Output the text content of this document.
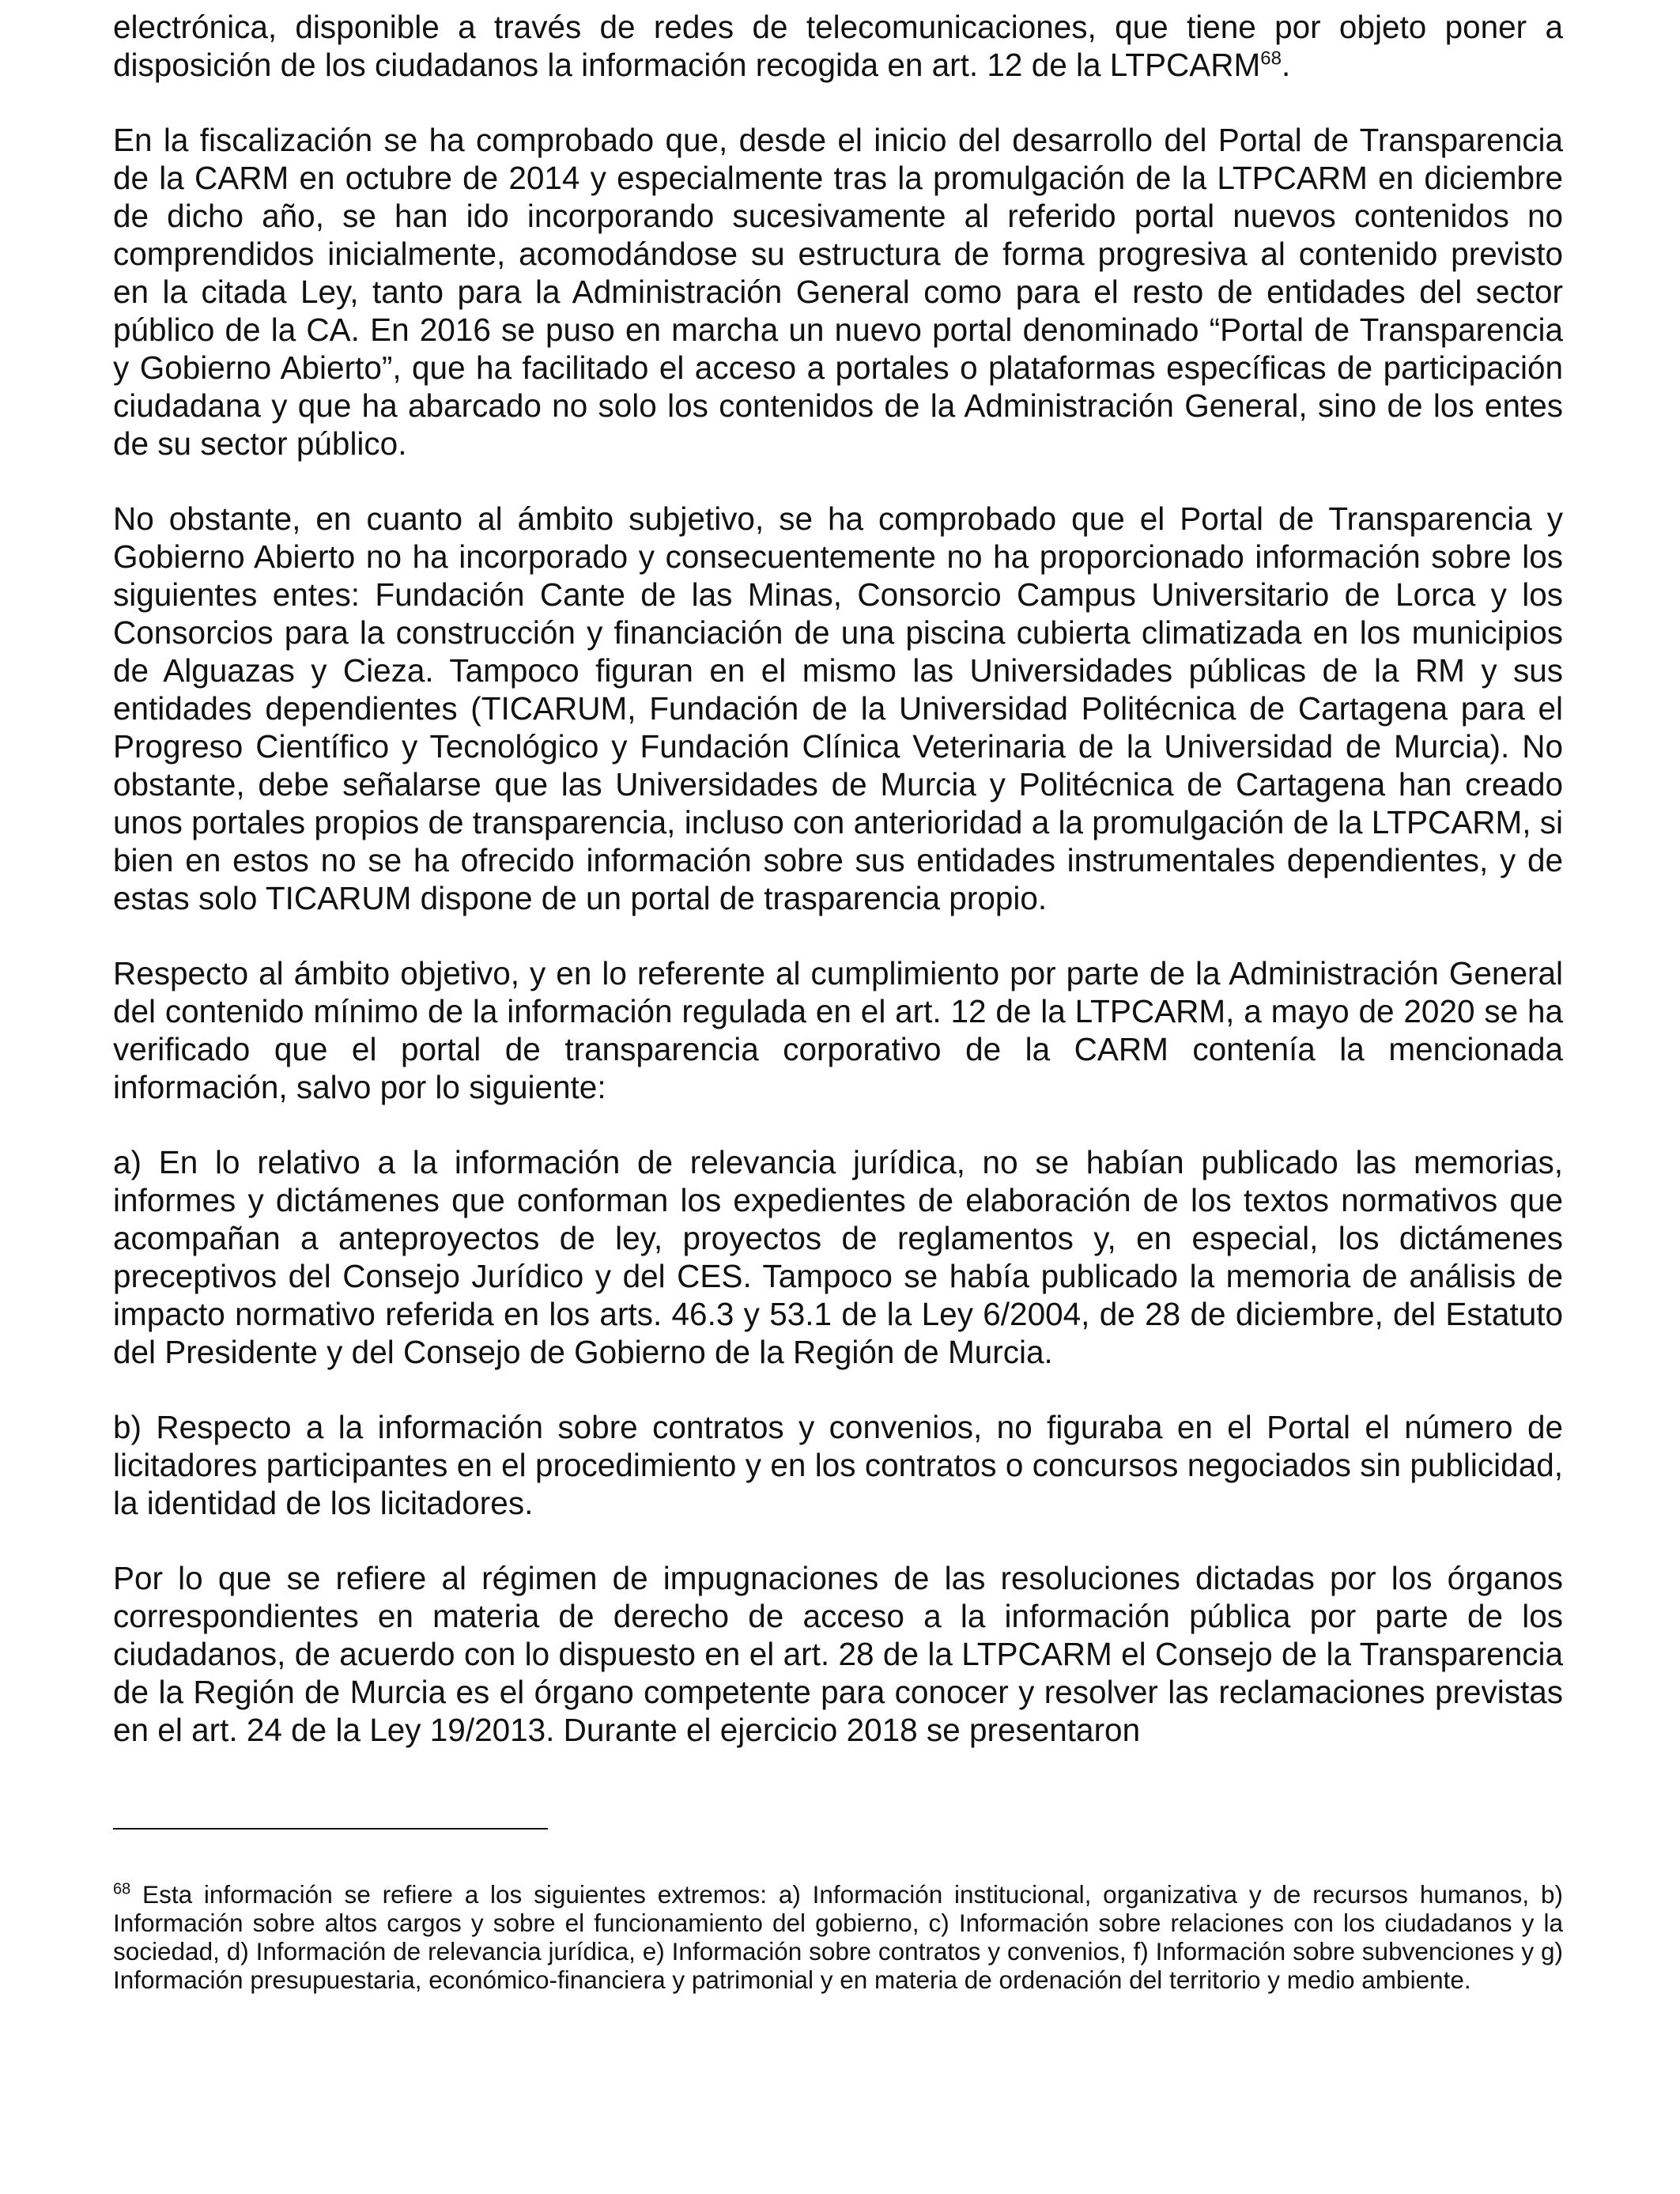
electrónica, disponible a través de redes de telecomunicaciones, que tiene por objeto poner a disposición de los ciudadanos la información recogida en art. 12 de la LTPCARM$^{68}$.

En la fiscalización se ha comprobado que, desde el inicio del desarrollo del Portal de Transparencia de la CARM en octubre de 2014 y especialmente tras la promulgación de la LTPCARM en diciembre de dicho año, se han ido incorporando sucesivamente al referido portal nuevos contenidos no comprendidos inicialmente, acomodándose su estructura de forma progresiva al contenido previsto en la citada Ley, tanto para la Administración General como para el resto de entidades del sector público de la CA. En 2016 se puso en marcha un nuevo portal denominado “Portal de Transparencia y Gobierno Abierto”, que ha facilitado el acceso a portales o plataformas específicas de participación ciudadana y que ha abarcado no solo los contenidos de la Administración General, sino de los entes de su sector público.

No obstante, en cuanto al ámbito subjetivo, se ha comprobado que el Portal de Transparencia y Gobierno Abierto no ha incorporado y consecuentemente no ha proporcionado información sobre los siguientes entes: Fundación Cante de las Minas, Consorcio Campus Universitario de Lorca y los Consorcios para la construcción y financiación de una piscina cubierta climatizada en los municipios de Alguazas y Cieza. Tampoco figuran en el mismo las Universidades públicas de la RM y sus entidades dependientes (TICARUM, Fundación de la Universidad Politécnica de Cartagena para el Progreso Científico y Tecnológico y Fundación Clínica Veterinaria de la Universidad de Murcia). No obstante, debe señalarse que las Universidades de Murcia y Politécnica de Cartagena han creado unos portales propios de transparencia, incluso con anterioridad a la promulgación de la LTPCARM, si bien en estos no se ha ofrecido información sobre sus entidades instrumentales dependientes, y de estas solo TICARUM dispone de un portal de trasparencia propio.

Respecto al ámbito objetivo, y en lo referente al cumplimiento por parte de la Administración General del contenido mínimo de la información regulada en el art. 12 de la LTPCARM, a mayo de 2020 se ha verificado que el portal de transparencia corporativo de la CARM contenía la mencionada información, salvo por lo siguiente:

a) En lo relativo a la información de relevancia jurídica, no se habían publicado las memorias, informes y dictámenes que conforman los expedientes de elaboración de los textos normativos que acompañan a anteproyectos de ley, proyectos de reglamentos y, en especial, los dictámenes preceptivos del Consejo Jurídico y del CES. Tampoco se había publicado la memoria de análisis de impacto normativo referida en los arts. 46.3 y 53.1 de la Ley 6/2004, de 28 de diciembre, del Estatuto del Presidente y del Consejo de Gobierno de la Región de Murcia.

b) Respecto a la información sobre contratos y convenios, no figuraba en el Portal el número de licitadores participantes en el procedimiento y en los contratos o concursos negociados sin publicidad, la identidad de los licitadores.

Por lo que se refiere al régimen de impugnaciones de las resoluciones dictadas por los órganos correspondientes en materia de derecho de acceso a la información pública por parte de los ciudadanos, de acuerdo con lo dispuesto en el art. 28 de la LTPCARM el Consejo de la Transparencia de la Región de Murcia es el órgano competente para conocer y resolver las reclamaciones previstas en el art. 24 de la Ley 19/2013. Durante el ejercicio 2018 se presentaron

$^{68}$ Esta información se refiere a los siguientes extremos: a) Información institucional, organizativa y de recursos humanos, b) Información sobre altos cargos y sobre el funcionamiento del gobierno, c) Información sobre relaciones con los ciudadanos y la sociedad, d) Información de relevancia jurídica, e) Información sobre contratos y convenios, f) Información sobre subvenciones y g) Información presupuestaria, económico-financiera y patrimonial y en materia de ordenación del territorio y medio ambiente.
